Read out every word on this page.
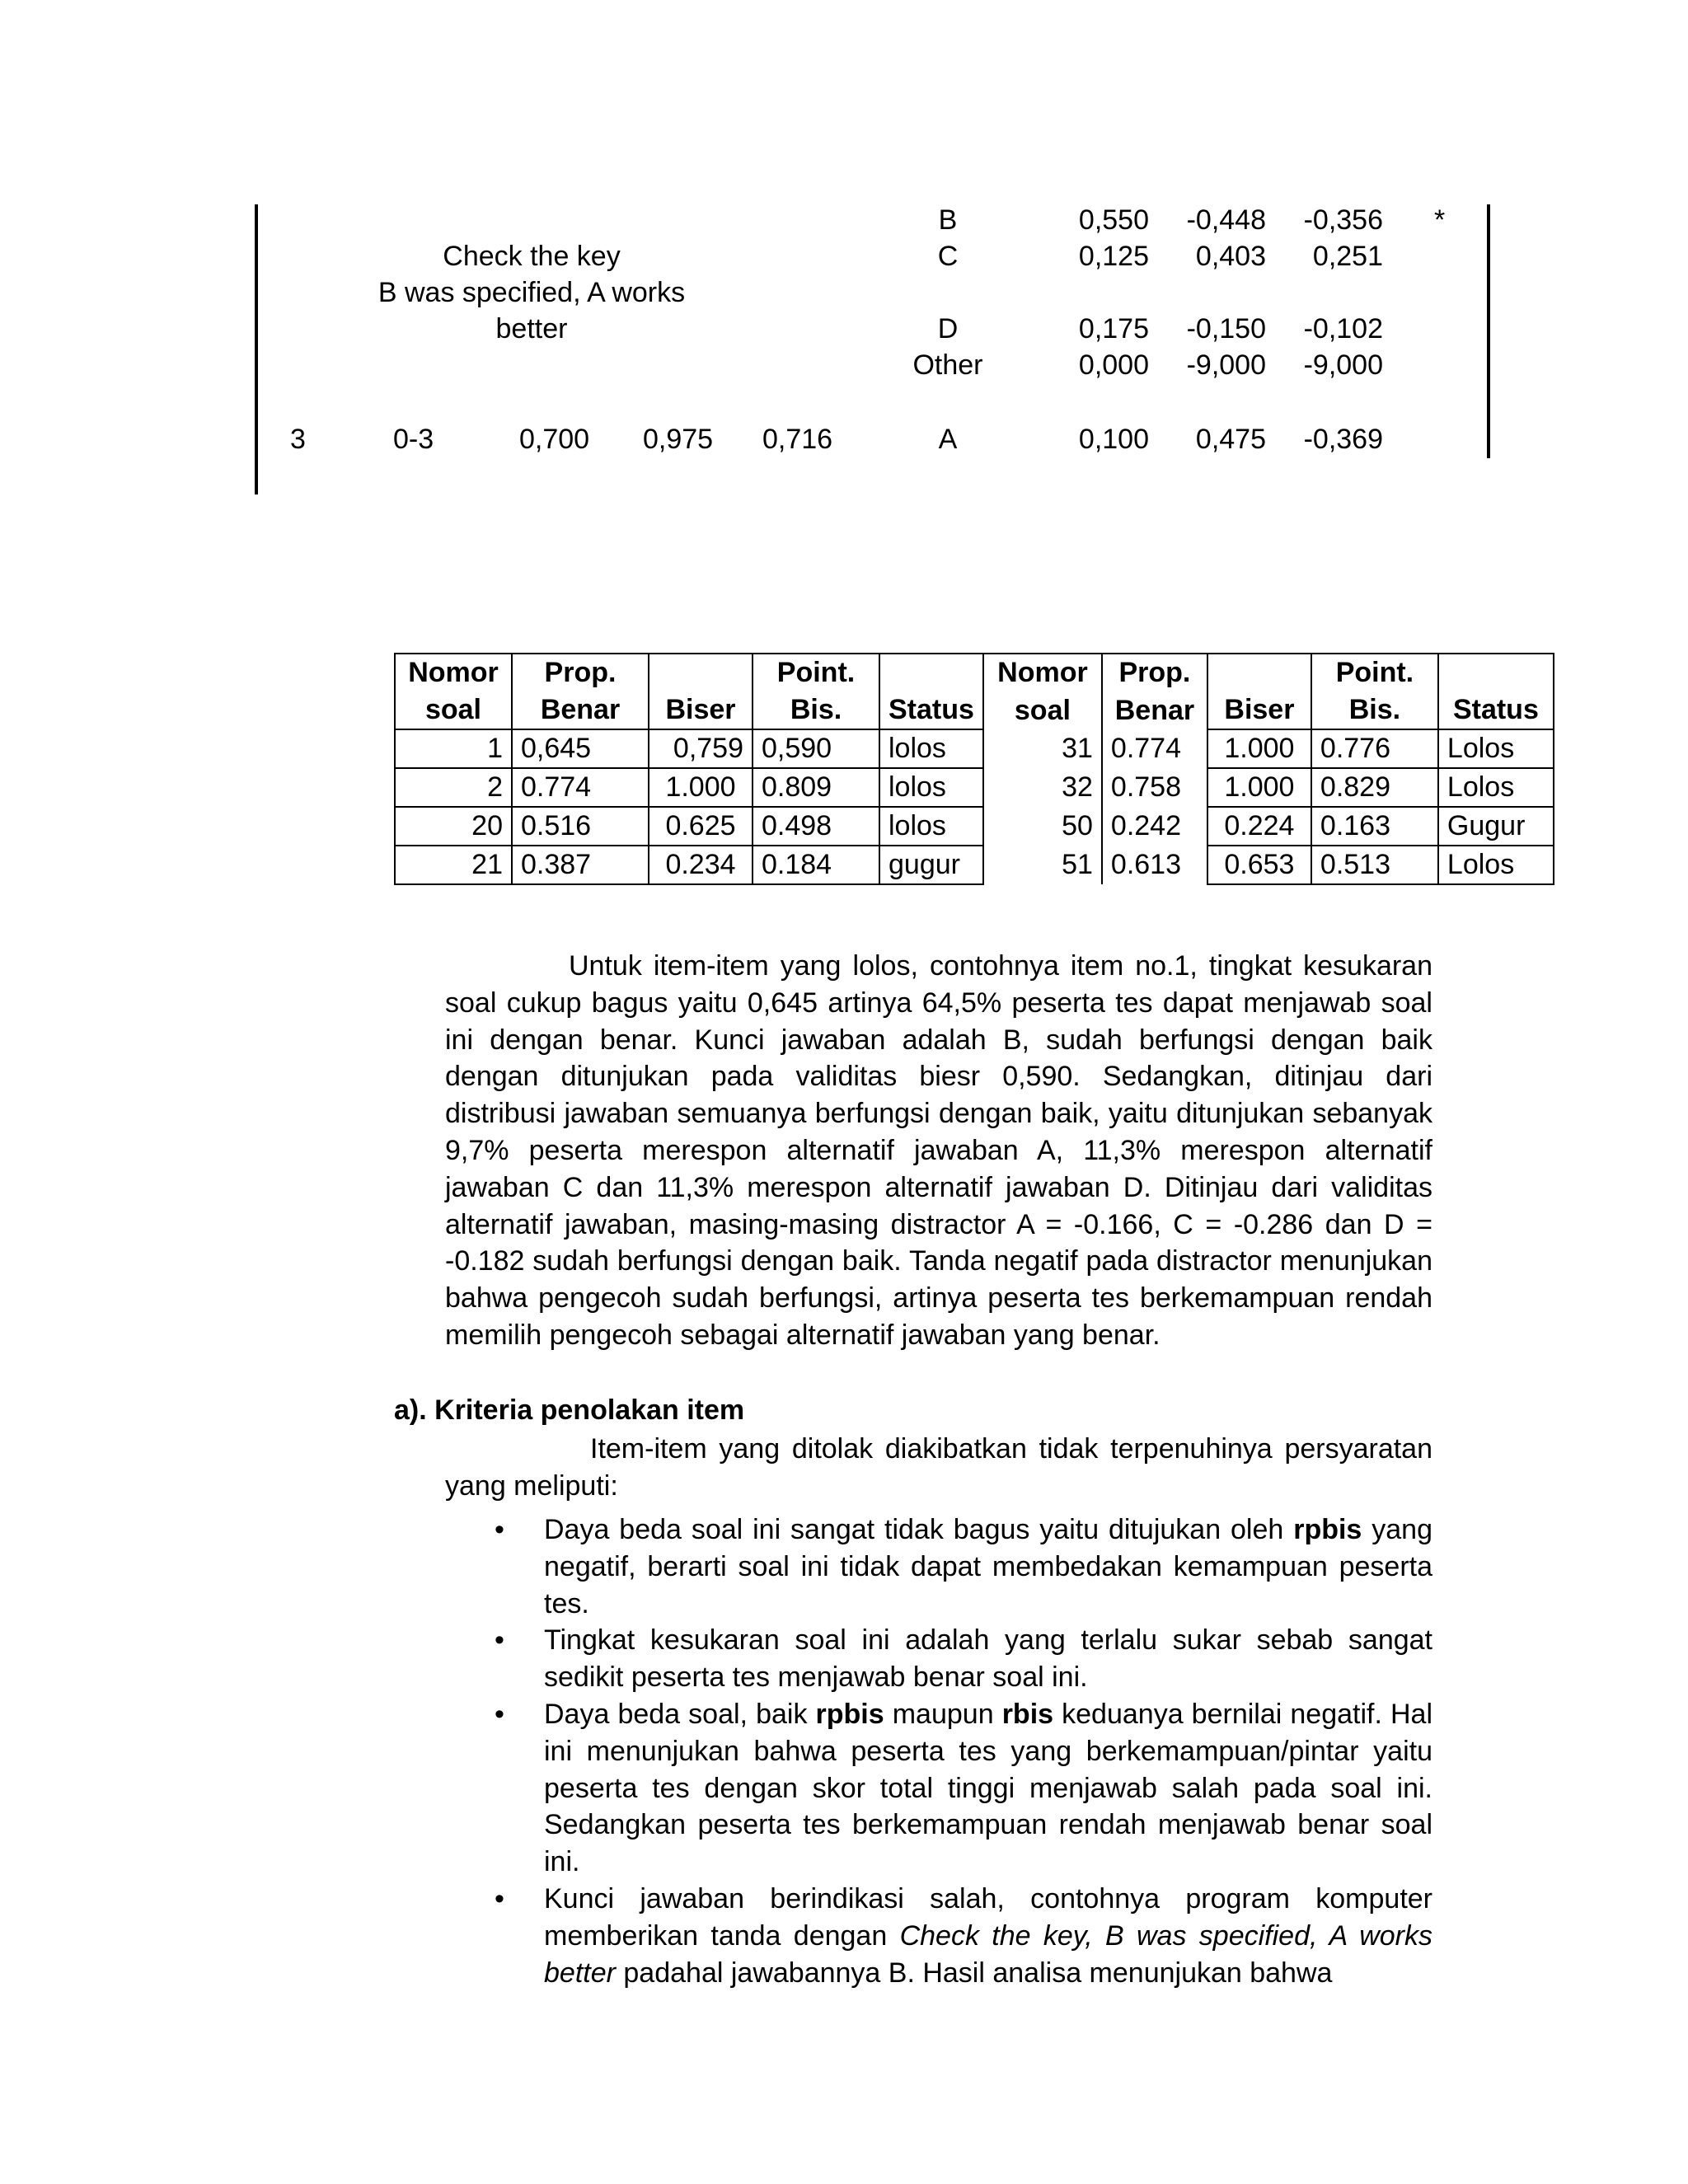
Check the key
B was specified, A works
better
B	0,550	-0,448	-0,356 *
C	0,125	0,403	0,251
D	0,175	-0,150	-0,102
Other	0,000	-9,000	-9,000
3	0-3	0,700 0,975 0,716	A	0,100	0,475	-0,369
Nomor	Prop.		Point.		Nomor	Prop.		Point.	
soal	Benar	Biser	Bis.	Status	soal	Benar	Biser	Bis.	Status
1	0,645	0,759	0,590	lolos	31	0.774	1.000	0.776	Lolos
2	0.774	1.000	0.809	lolos	32	0.758	1.000	0.829	Lolos
20	0.516	0.625	0.498	lolos	50	0.242	0.224	0.163	Gugur
21	0.387	0.234	0.184	gugur	51	0.613	0.653	0.513	Lolos
Untuk item-item yang lolos, contohnya item no.1, tingkat kesukaran soal cukup bagus yaitu 0,645 artinya 64,5% peserta tes dapat menjawab soal ini dengan benar. Kunci jawaban adalah B, sudah berfungsi dengan baik dengan ditunjukan pada validitas biesr 0,590. Sedangkan, ditinjau dari distribusi jawaban semuanya berfungsi dengan baik, yaitu ditunjukan sebanyak 9,7% peserta merespon alternatif jawaban A, 11,3% merespon alternatif jawaban C dan 11,3% merespon alternatif jawaban D. Ditinjau dari validitas alternatif jawaban, masing-masing distractor A = -0.166, C = -0.286 dan D = -0.182 sudah berfungsi dengan baik. Tanda negatif pada distractor menunjukan bahwa pengecoh sudah berfungsi, artinya peserta tes berkemampuan rendah memilih pengecoh sebagai alternatif jawaban yang benar.
a). Kriteria penolakan item
Item-item yang ditolak diakibatkan tidak terpenuhinya persyaratan yang meliputi:
• Daya beda soal ini sangat tidak bagus yaitu ditujukan oleh rpbis yang negatif, berarti soal ini tidak dapat membedakan kemampuan peserta tes.
• Tingkat kesukaran soal ini adalah yang terlalu sukar sebab sangat sedikit peserta tes menjawab benar soal ini.
• Daya beda soal, baik rpbis maupun rbis keduanya bernilai negatif. Hal ini menunjukan bahwa peserta tes yang berkemampuan/pintar yaitu peserta tes dengan skor total tinggi menjawab salah pada soal ini. Sedangkan peserta tes berkemampuan rendah menjawab benar soal ini.
• Kunci jawaban berindikasi salah, contohnya program komputer memberikan tanda dengan Check the key, B was specified, A works better padahal jawabannya B. Hasil analisa menunjukan bahwa
